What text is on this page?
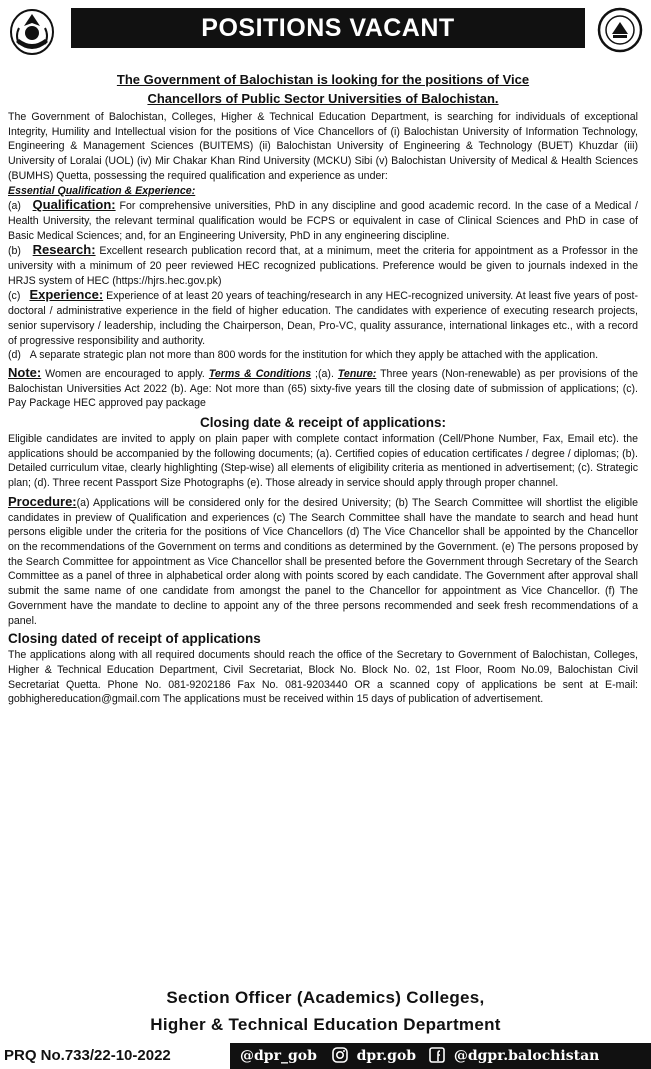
POSITIONS VACANT
The Government of Balochistan is looking for the positions of Vice
Chancellors of Public Sector Universities of Balochistan.

The Government of Balochistan, Colleges, Higher & Technical Education Department, is searching for individuals of exceptional Integrity, Humility and Intellectual vision for the positions of Vice Chancellors of (i) Balochistan University of Information Technology, Engineering & Management Sciences (BUITEMS) (ii) Balochistan University of Engineering & Technology (BUET) Khuzdar (iii) University of Loralai (UOL) (iv) Mir Chakar Khan Rind University (MCKU) Sibi (v) Balochistan University of Medical & Health Sciences (BUMHS) Quetta, possessing the required qualification and experience as under:

Essential Qualification & Experience:

(a) Qualification: For comprehensive universities, PhD in any discipline and good academic record. In the case of a Medical / Health University, the relevant terminal qualification would be FCPS or equivalent in case of Clinical Sciences and PhD in case of Basic Medical Sciences; and, for an Engineering University, PhD in any engineering discipline.

(b) Research: Excellent research publication record that, at a minimum, meet the criteria for appointment as a Professor in the university with a minimum of 20 peer reviewed HEC recognized publications. Preference would be given to journals indexed in the HRJS system of HEC (https://hjrs.hec.gov.pk)

(c) Experience: Experience of at least 20 years of teaching/research in any HEC-recognized university. At least five years of post-doctoral / administrative experience in the field of higher education. The candidates with experience of executing research projects, senior supervisory / leadership, including the Chairperson, Dean, Pro-VC, quality assurance, international linkages etc., with a record of progressive responsibility and authority.

(d) A separate strategic plan not more than 800 words for the institution for which they apply be attached with the application.

Note: Women are encouraged to apply. Terms & Conditions ;(a). Tenure: Three years (Non-renewable) as per provisions of the Balochistan Universities Act 2022 (b). Age: Not more than (65) sixty-five years till the closing date of submission of applications; (c). Pay Package HEC approved pay package

Closing date & receipt of applications:

Eligible candidates are invited to apply on plain paper with complete contact information (Cell/Phone Number, Fax, Email etc). the applications should be accompanied by the following documents; (a). Certified copies of education certificates / degree / diplomas; (b). Detailed curriculum vitae, clearly highlighting (Step-wise) all elements of eligibility criteria as mentioned in advertisement; (c). Strategic plan; (d). Three recent Passport Size Photographs (e). Those already in service should apply through proper channel.

Procedure:(a) Applications will be considered only for the desired University; (b) The Search Committee will shortlist the eligible candidates in preview of Qualification and experiences (c) The Search Committee shall have the mandate to search and head hunt persons eligible under the criteria for the positions of Vice Chancellors (d) The Vice Chancellor shall be appointed by the Chancellor on the recommendations of the Government on terms and conditions as determined by the Government. (e) The persons proposed by the Search Committee for appointment as Vice Chancellor shall be presented before the Government through Secretary of the Search Committee as a panel of three in alphabetical order along with points scored by each candidate. The Government after approval shall submit the same name of one candidate from amongst the panel to the Chancellor for appointment as Vice Chancellor. (f) The Government have the mandate to decline to appoint any of the three persons recommended and seek fresh recommendations of a panel.

Closing dated of receipt of applications

The applications along with all required documents should reach the office of the Secretary to Government of Balochistan, Colleges, Higher & Technical Education Department, Civil Secretariat, Block No. Block No. 02, 1st Floor, Room No.09, Balochistan Civil Secretariat Quetta. Phone No. 081-9202186 Fax No. 081-9203440 OR a scanned copy of applications be sent at E-mail: gobhighereducation@gmail.com The applications must be received within 15 days of publication of advertisement.

Section Officer (Academics) Colleges,
Higher & Technical Education Department
PRQ No.733/22-10-2022	@dpr_gob	dpr.gob	@dgpr.balochistan
